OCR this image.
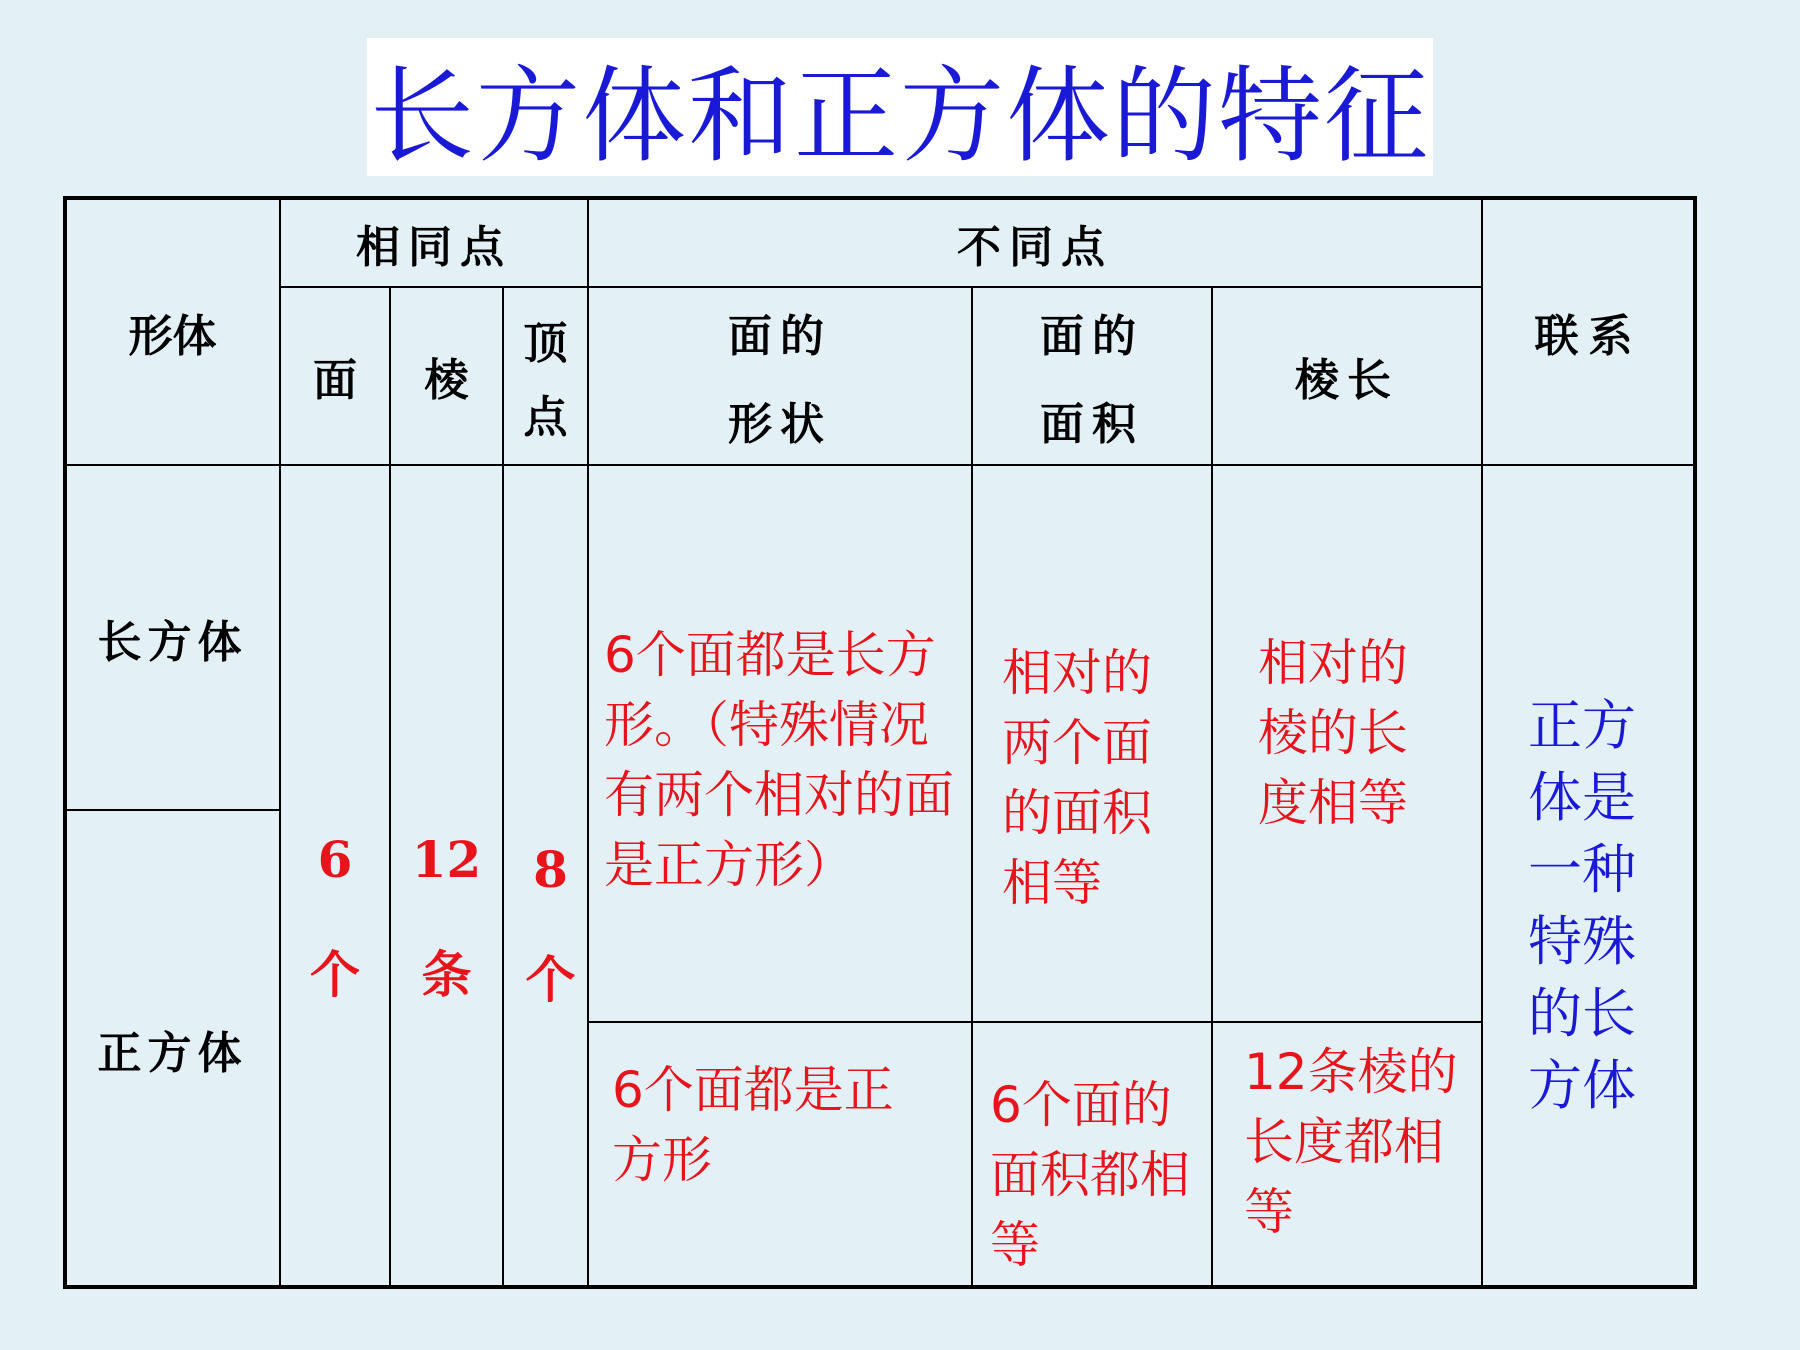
长方体和正方体的特征
形体
相同点	不同点
联系
面 棱
顶
点
面的
形状
面的
面积
棱长
长方体
正方体
6
个
12
条
8
个
6个面都是长方形。（特殊情况有两个相对的面是正方形）
相对的两个面的面积相等
相对的棱的长度相等
6个面都是正方形
6个面的面积都相等
12条棱的长度都相等
正方体是一种特殊的长方体
